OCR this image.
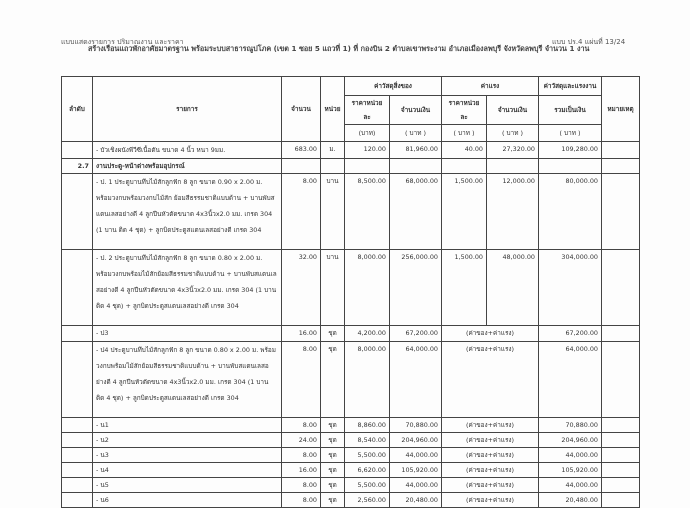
แบบแสดงรายการ ปริมาณงาน และราคา	แบบ ปร.4 แผ่นที่ 13/24
สร้างเรือนแถวพักอาศัยมาตรฐาน พร้อมระบบสาธารณูปโภค (เขต 1 ซอย 5 แถวที่ 1) ที่ กองบิน 2 ตำบลเขาพระงาม อำเภอเมืองลพบุรี จังหวัดลพบุรี จำนวน 1 งาน
ลำดับ	รายการ	จำนวน	หน่วย	ค่าวัสดุสิ่งของ		ค่าแรง		ค่าวัสดุและแรงงาน	หมายเหตุ
				ราคาหน่วยละ	จำนวนเงิน	ราคาหน่วยละ	จำนวนเงิน	รวมเป็นเงิน	
				(บาท)	( บาท )	( บาท )	( บาท )	( บาท )	
	- บัวเชิงผนังพีวีซีเนื้อตัน ขนาด 4 นิ้ว หนา 9มม.	683.00	ม.	120.00	81,960.00	40.00	27,320.00	109,280.00	
2.7	งานประตู-หน้าต่างพร้อมอุปกรณ์								
	- ป. 1 ประตูบานทึบไม้สักลูกฟัก 8 ลูก ขนาด 0.90 x 2.00 ม. พร้อมวงกบพร้อมวงกบไม้สัก ย้อมสีธรรมชาติแบบด้าน + บานพับสแตนเลสอย่างดี 4 ลูกปืนหัวตัดขนาด 4x3นิ้วx2.0 มม. เกรด 304 (1 บาน ติด 4 ชุด) + ลูกบิดประตูสแตนเลสอย่างดี เกรด 304	8.00	บาน	8,500.00	68,000.00	1,500.00	12,000.00	80,000.00	
	- ป. 2 ประตูบานทึบไม้สักลูกฟัก 8 ลูก ขนาด 0.80 x 2.00 ม. พร้อมวงกบพร้อมไม้สักย้อมสีธรรมชาติแบบด้าน + บานพับสแตนเลสอย่างดี 4 ลูกปืนหัวตัดขนาด 4x3นิ้วx2.0 มม. เกรด 304 (1 บาน ติด 4 ชุด) + ลูกบิดประตูสแตนเลสอย่างดี เกรด 304	32.00	บาน	8,000.00	256,000.00	1,500.00	48,000.00	304,000.00	
	- ป3	16.00	ชุด	4,200.00	67,200.00	(ค่าของ+ค่าแรง)		67,200.00	
	- ป4 ประตูบานทึบไม้สักลูกฟัก 8 ลูก ขนาด 0.80 x 2.00 ม. พร้อมวงกบพร้อมไม้สักย้อมสีธรรมชาติแบบด้าน + บานพับสแตนเลสอย่างดี 4 ลูกปืนหัวตัดขนาด 4x3นิ้วx2.0 มม. เกรด 304 (1 บาน ติด 4 ชุด) + ลูกบิดประตูสแตนเลสอย่างดี เกรด 304	8.00	ชุด	8,000.00	64,000.00	(ค่าของ+ค่าแรง)		64,000.00	
	- น1	8.00	ชุด	8,860.00	70,880.00	(ค่าของ+ค่าแรง)		70,880.00	
	- น2	24.00	ชุด	8,540.00	204,960.00	(ค่าของ+ค่าแรง)		204,960.00	
	- น3	8.00	ชุด	5,500.00	44,000.00	(ค่าของ+ค่าแรง)		44,000.00	
	- น4	16.00	ชุด	6,620.00	105,920.00	(ค่าของ+ค่าแรง)		105,920.00	
	- น5	8.00	ชุด	5,500.00	44,000.00	(ค่าของ+ค่าแรง)		44,000.00	
	- น6	8.00	ชุด	2,560.00	20,480.00	(ค่าของ+ค่าแรง)		20,480.00	
